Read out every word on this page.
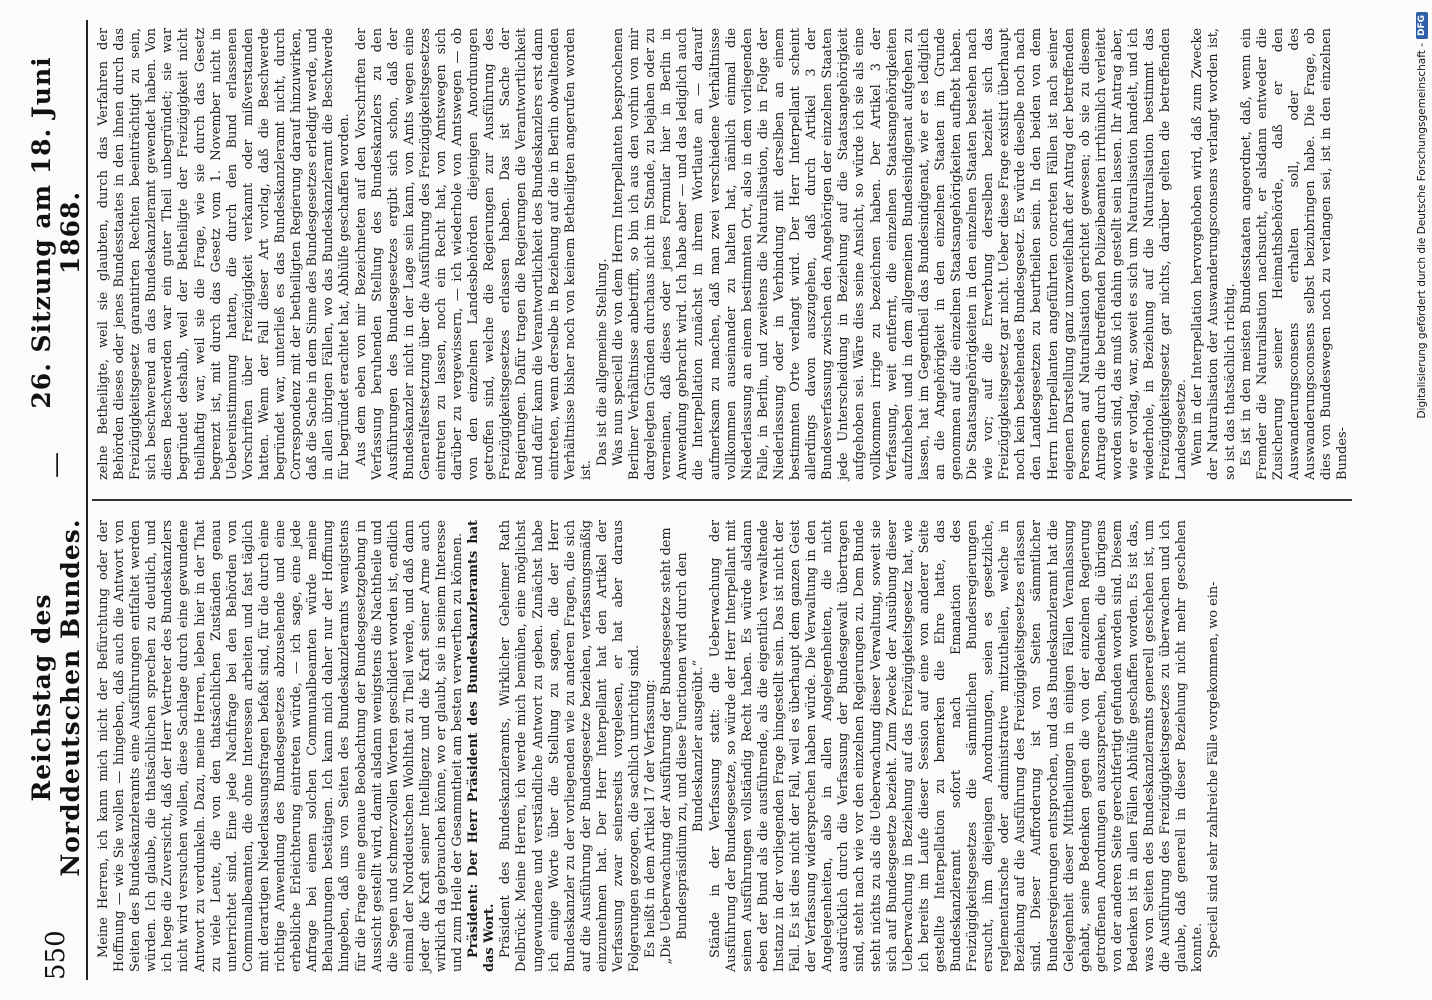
550
Reichstag des Norddeutschen Bundes.
—
26. Sitzung am 18. Juni 1868.

Meine Herren, ich kann mich nicht der Befürchtung oder der Hoffnung — wie Sie wollen — hingeben, daß auch die Antwort von Seiten des Bundeskanzleramts eine Ausführungen entfaltet werden würden. Ich glaube, die thatsächlichen sprechen zu deutlich, und ich hege die Zuversicht, daß der Herr Vertreter des Bundeskanzlers nicht wird versuchen wollen, diese Sachlage durch eine gewundene Antwort zu verdunkeln. Dazu, meine Herren, leben hier in der That zu viele Leute, die von den thatsächlichen Zuständen genau unterrichtet sind. Eine jede Nachfrage bei den Behörden von Communalbeamten, die ohne Interessen arbeiten und fast täglich mit derartigen Niederlassungsfragen befaßt sind, für die durch eine richtige Anwendung des Bundesgesetzes abzusehende und eine erhebliche Erleichterung eintreten würde, — ich sage, eine jede Anfrage bei einem solchen Communalbeamten würde meine Behauptungen bestätigen. Ich kann mich daher nur der Hoffnung hingeben, daß uns von Seiten des Bundeskanzleramts wenigstens für die Frage eine genaue Beobachtung der Bundesgesetzgebung in Aussicht gestellt wird, damit alsdann wenigstens die Nachtheile und die Segen und schmerzvollen Worten geschildert worden ist, endlich einmal der Norddeutschen Wohlthat zu Theil werde, und daß dann jeder die Kraft seiner Intelligenz und die Kraft seiner Arme auch wirklich da gebrauchen könne, wo er glaubt, sie in seinem Interesse und zum Heile der Gesammtheit am besten verwerthen zu können. Präsident: Der Herr Präsident des Bundeskanzleramts hat das Wort. Präsident des Bundeskanzleramts, Wirklicher Geheimer Rath Delbrück: Meine Herren, ich werde mich bemühen, eine möglichst ungewundene und verständliche Antwort zu geben. Zunächst habe ich einige Worte über die Stellung zu sagen, die der Herr Bundeskanzler zu der vorliegenden wie zu anderen Fragen, die sich auf die Ausführung der Bundesgesetze beziehen, verfassungsmäßig einzunehmen hat. Der Herr Interpellant hat den Artikel der Verfassung zwar seinerseits vorgelesen, er hat aber daraus Folgerungen gezogen, die sachlich unrichtig sind. Es heißt in dem Artikel 17 der Verfassung: „Die Ueberwachung der Ausführung der Bundesgesetze steht dem Bundespräsidium zu, und diese Functionen wird durch den Bundeskanzler ausgeübt.“ Stände in der Verfassung statt: die Ueberwachung der Ausführung der Bundesgesetze, so würde der Herr Interpellant mit seinen Ausführungen vollständig Recht haben. Es würde alsdann eben der Bund als die ausführende, als die eigentlich verwaltende Instanz in der vorliegenden Frage hingestellt sein. Das ist nicht der Fall. Es ist dies nicht der Fall, weil es überhaupt dem ganzen Geist der Verfassung widersprechen haben würde. Die Verwaltung in den Angelegenheiten, also in allen Angelegenheiten, die nicht ausdrücklich durch die Verfassung der Bundesgewalt übertragen sind, steht nach wie vor den einzelnen Regierungen zu. Dem Bunde steht nichts zu als die Ueberwachung dieser Verwaltung, soweit sie sich auf Bundesgesetze bezieht. Zum Zwecke der Ausübung dieser Ueberwachung in Beziehung auf das Freizügigkeitsgesetz hat, wie ich bereits im Laufe dieser Session auf eine von anderer Seite gestellte Interpellation zu bemerken die Ehre hatte, das Bundeskanzleramt sofort nach Emanation des Freizügigkeitsgesetzes die sämmtlichen Bundesregierungen ersucht, ihm diejenigen Anordnungen, seien es gesetzliche, reglementarische oder administrative mitzutheilen, welche in Beziehung auf die Ausführung des Freizügigkeitsgesetzes erlassen sind. Dieser Aufforderung ist von Seiten sämmtlicher Bundesregierungen entsprochen, und das Bundeskanzleramt hat die Gelegenheit dieser Mittheilungen in einigen Fällen Veranlassung gehabt, seine Bedenken gegen die von der einzelnen Regierung getroffenen Anordnungen auszusprechen, Bedenken, die übrigens von der anderen Seite gerechtfertigt gefunden worden sind. Diesem Bedenken ist in allen Fällen Abhülfe geschaffen worden. Es ist das, was von Seiten des Bundeskanzleramts generell geschehen ist, um die Ausführung des Freizügigkeitsgesetzes zu überwachen und ich glaube, daß generell in dieser Beziehung nicht mehr geschehen konnte. Speciell sind sehr zahlreiche Fälle vorgekommen, wo ein-

zelne Betheiligte, weil sie glaubten, durch das Verfahren der Behörden dieses oder jenes Bundesstaates in den ihnen durch das Freizügigkeitsgesetz garantirten Rechten beeinträchtigt zu sein, sich beschwerend an das Bundeskanzleramt gewendet haben. Von diesen Beschwerden war ein guter Theil unbegründet; sie war begründet deshalb, weil der Betheiligte der Freizügigkeit nicht theilhaftig war, weil sie die Frage, wie sie durch das Gesetz begrenzt ist, mit durch das Gesetz vom 1. November nicht in Uebereinstimmung hatten, die durch den Bund erlassenen Vorschriften über Freizügigkeit verkannt oder mißverstanden hatten. Wenn der Fall dieser Art vorlag, daß die Beschwerde begründet war, unterließ es das Bundeskanzleramt nicht, durch Correspondenz mit der betheiligten Regierung darauf hinzuwirken, daß die Sache in dem Sinne des Bundesgesetzes erledigt werde, und in allen übrigen Fällen, wo das Bundeskanzleramt die Beschwerde für begründet erachtet hat, Abhülfe geschaffen worden. Aus dem eben von mir Bezeichneten auf den Vorschriften der Verfassung beruhenden Stellung des Bundeskanzlers zu den Ausführungen des Bundesgesetzes ergibt sich schon, daß der Bundeskanzler nicht in der Lage sein kann, von Amts wegen eine Generalfestsetzung über die Ausführung des Freizügigkeitsgesetzes eintreten zu lassen, noch ein Recht hat, von Amtswegen sich darüber zu vergewissern, — ich wiederhole von Amtswegen — ob von den einzelnen Landesbehörden diejenigen Anordnungen getroffen sind, welche die Regierungen zur Ausführung des Freizügigkeitsgesetzes erlassen haben. Das ist Sache der Regierungen. Dafür tragen die Regierungen die Verantwortlichkeit und dafür kann die Verantwortlichkeit des Bundeskanzlers erst dann eintreten, wenn derselbe in Beziehung auf die in Berlin obwaltenden Verhältnisse bisher noch von keinem Betheiligten angerufen worden ist.

Das ist die allgemeine Stellung. Was nun speciell die von dem Herrn Interpellanten besprochenen Berliner Verhältnisse anbetrifft, so bin ich aus den vorhin von mir dargelegten Gründen durchaus nicht im Stande, zu bejahen oder zu verneinen, daß dieses oder jenes Formular hier in Berlin in Anwendung gebracht wird. Ich habe aber — und das lediglich auch die Interpellation zunächst in ihrem Wortlaute an — darauf aufmerksam zu machen, daß man zwei verschiedene Verhältnisse vollkommen auseinander zu halten hat, nämlich einmal die Niederlassung an einem bestimmten Ort, also in dem vorliegenden Falle, in Berlin, und zweitens die Naturalisation, die in Folge der Niederlassung oder in Verbindung mit derselben an einem bestimmten Orte verlangt wird. Der Herr Interpellant scheint allerdings davon auszugehen, daß durch Artikel 3 der Bundesverfassung zwischen den Angehörigen der einzelnen Staaten jede Unterscheidung in Beziehung auf die Staatsangehörigkeit aufgehoben sei. Wäre dies seine Ansicht, so würde ich sie als eine vollkommen irrige zu bezeichnen haben. Der Artikel 3 der Verfassung, weit entfernt, die einzelnen Staatsangehörigkeiten aufzuheben und in dem allgemeinen Bundesindigenat aufgehen zu lassen, hat im Gegentheil das Bundesindigenat, wie er es lediglich an die Angehörigkeit in den einzelnen Staaten im Grunde genommen auf die einzelnen Staatsangehörigkeiten aufhebt haben. Die Staatsangehörigkeiten in den einzelnen Staaten bestehen nach wie vor; auf die Erwerbung derselben bezieht sich das Freizügigkeitsgesetz gar nicht. Ueber diese Frage existirt überhaupt noch kein bestehendes Bundesgesetz. Es würde dieselbe noch nach den Landesgesetzen zu beurtheilen sein. In den beiden von dem Herrn Interpellanten angeführten concreten Fällen ist nach seiner eigenen Darstellung ganz unzweifelhaft der Antrag der betreffenden Personen auf Naturalisation gerichtet gewesen; ob sie zu diesem Antrage durch die betreffenden Polizeibeamten irrthümlich verleitet worden sind, das muß ich dahin gestellt sein lassen. Ihr Antrag aber, wie er vorlag, war, soweit es sich um Naturalisation handelt, und ich wiederhole, in Beziehung auf die Naturalisation bestimmt das Freizügigkeitsgesetz gar nichts, darüber gelten die betreffenden Landesgesetze. Wenn in der Interpellation hervorgehoben wird, daß zum Zwecke der Naturalisation der Auswanderungsconsens verlangt worden ist, so ist das thatsächlich richtig. Es ist in den meisten Bundesstaaten angeordnet, daß, wenn ein Fremder die Naturalisation nachsucht, er alsdann entweder die Zusicherung seiner Heimathsbehörde, daß er den Auswanderungsconsens erhalten soll, oder des Auswanderungsconsens selbst beizubringen habe. Die Frage, ob dies von Bundeswegen noch zu verlangen sei, ist in den einzelnen Bundes-

Digitalisierung gefördert durch die Deutsche Forschungsgemeinschaft -
DFG
